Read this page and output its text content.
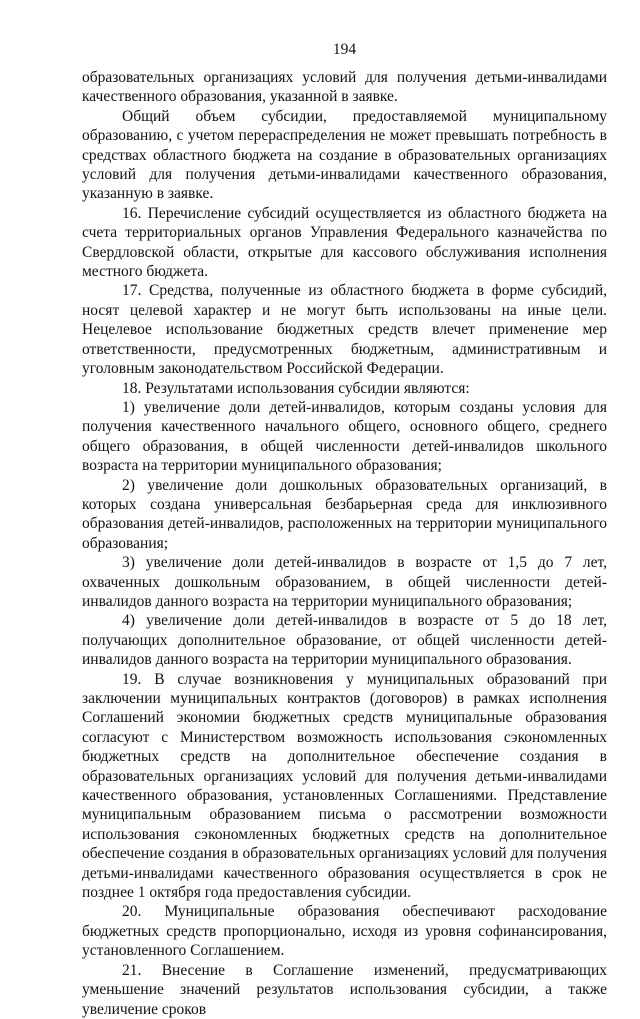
194

образовательных организациях условий для получения детьми-инвалидами качественного образования, указанной в заявке.

Общий объем субсидии, предоставляемой муниципальному образованию, с учетом перераспределения не может превышать потребность в средствах областного бюджета на создание в образовательных организациях условий для получения детьми-инвалидами качественного образования, указанную в заявке.

16. Перечисление субсидий осуществляется из областного бюджета на счета территориальных органов Управления Федерального казначейства по Свердловской области, открытые для кассового обслуживания исполнения местного бюджета.

17. Средства, полученные из областного бюджета в форме субсидий, носят целевой характер и не могут быть использованы на иные цели. Нецелевое использование бюджетных средств влечет применение мер ответственности, предусмотренных бюджетным, административным и уголовным законодательством Российской Федерации.

18. Результатами использования субсидии являются:

1) увеличение доли детей-инвалидов, которым созданы условия для получения качественного начального общего, основного общего, среднего общего образования, в общей численности детей-инвалидов школьного возраста на территории муниципального образования;

2) увеличение доли дошкольных образовательных организаций, в которых создана универсальная безбарьерная среда для инклюзивного образования детей-инвалидов, расположенных на территории муниципального образования;

3) увеличение доли детей-инвалидов в возрасте от 1,5 до 7 лет, охваченных дошкольным образованием, в общей численности детей-инвалидов данного возраста на территории муниципального образования;

4) увеличение доли детей-инвалидов в возрасте от 5 до 18 лет, получающих дополнительное образование, от общей численности детей-инвалидов данного возраста на территории муниципального образования.

19. В случае возникновения у муниципальных образований при заключении муниципальных контрактов (договоров) в рамках исполнения Соглашений экономии бюджетных средств муниципальные образования согласуют с Министерством возможность использования сэкономленных бюджетных средств на дополнительное обеспечение создания в образовательных организациях условий для получения детьми-инвалидами качественного образования, установленных Соглашениями. Представление муниципальным образованием письма о рассмотрении возможности использования сэкономленных бюджетных средств на дополнительное обеспечение создания в образовательных организациях условий для получения детьми-инвалидами качественного образования осуществляется в срок не позднее 1 октября года предоставления субсидии.

20. Муниципальные образования обеспечивают расходование бюджетных средств пропорционально, исходя из уровня софинансирования, установленного Соглашением.

21. Внесение в Соглашение изменений, предусматривающих уменьшение значений результатов использования субсидии, а также увеличение сроков
